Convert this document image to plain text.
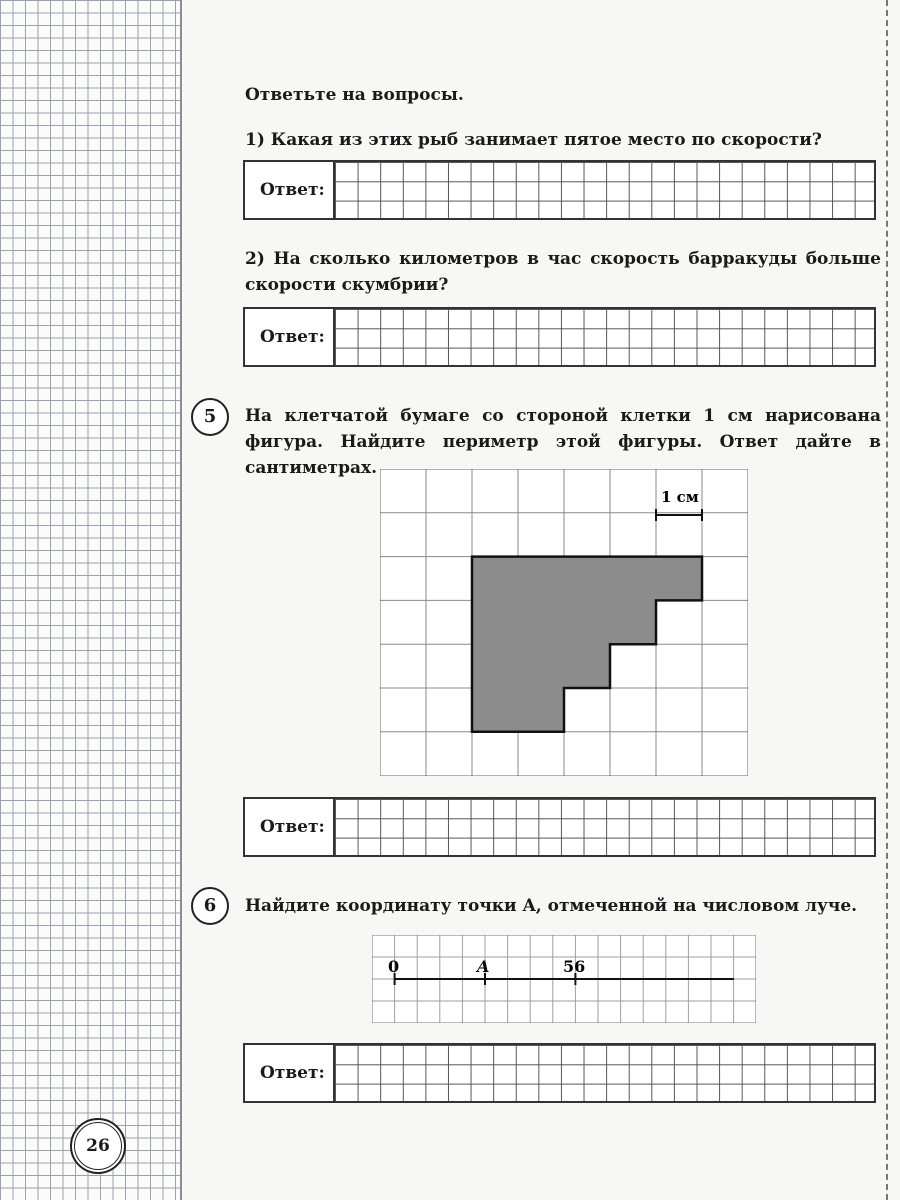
Ответьте на вопросы.
1) Какая из этих рыб занимает пятое место по скорости?
Ответ:
2) На сколько километров в час скорость барракуды больше скорости скумбрии?
Ответ:
5	На клетчатой бумаге со стороной клетки 1 см нарисована фигура. Найдите периметр этой фигуры. Ответ дайте в сантиметрах.
1 см
Ответ:
6	Найдите координату точки A, отмеченной на числовом луче.
0	A	56
Ответ:
26
